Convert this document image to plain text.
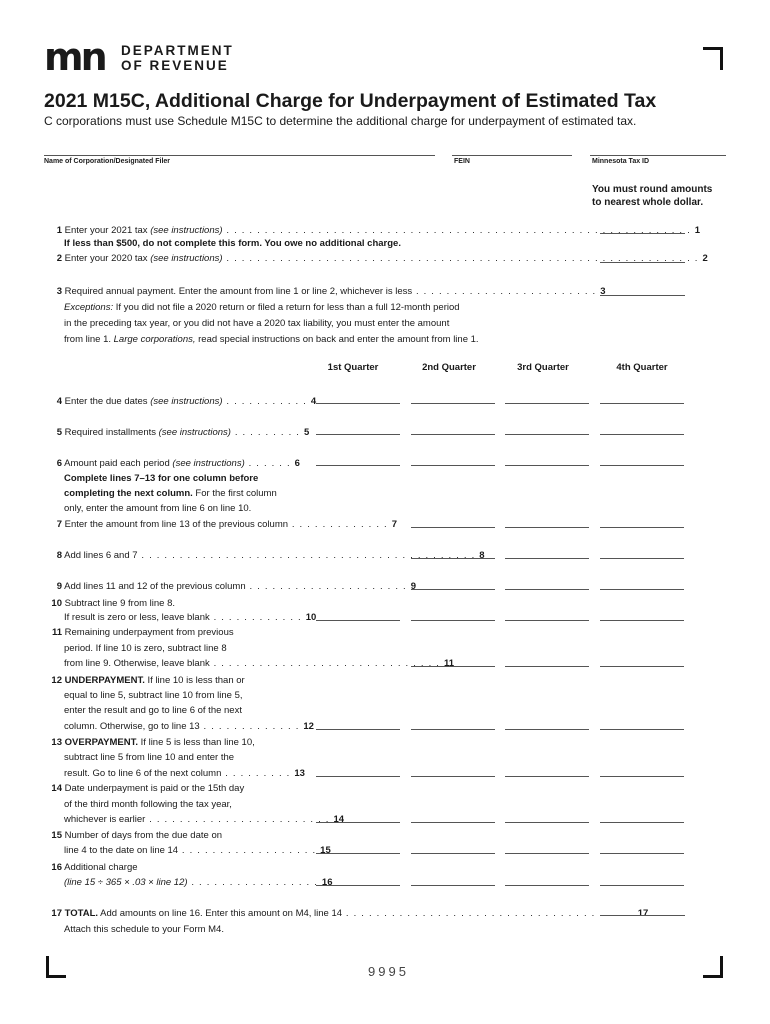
mn DEPARTMENT
OF REVENUE
2021 M15C, Additional Charge for Underpayment of Estimated Tax
C corporations must use Schedule M15C to determine the additional charge for underpayment of estimated tax.
Name of Corporation/Designated Filer	FEIN	Minnesota Tax ID
You must round amounts
to nearest whole dollar.
1 Enter your 2021 tax (see instructions) . . . . . . . . . . . . . . . . . . . . . . . . . . . . . . . . . . . . . . . . . . . . . . . . . . . . . . . . . . . . . 1
If less than $500, do not complete this form. You owe no additional charge.
2 Enter your 2020 tax (see instructions) . . . . . . . . . . . . . . . . . . . . . . . . . . . . . . . . . . . . . . . . . . . . . . . . . . . . . . . . . . . . . . 2
3 Required annual payment. Enter the amount from line 1 or line 2, whichever is less . . . . . . . . . . . . . . . . . . . . . . . . 3
Exceptions: If you did not file a 2020 return or filed a return for less than a full 12-month period
in the preceding tax year, or you did not have a 2020 tax liability, you must enter the amount
from line 1. Large corporations, read special instructions on back and enter the amount from line 1.
1st Quarter	2nd Quarter	3rd Quarter	4th Quarter
4 Enter the due dates (see instructions) . . . . . . . . . . . 4
5 Required installments (see instructions) . . . . . . . . . 5
6 Amount paid each period (see instructions) . . . . . . 6
Complete lines 7–13 for one column before
completing the next column. For the first column
only, enter the amount from line 6 on line 10.
7 Enter the amount from line 13 of the previous column . . . . . . . . . . . . . 7
8 Add lines 6 and 7 . . . . . . . . . . . . . . . . . . . . . . . . . . . . . . . . . . . . . . . . . . . . 8
9 Add lines 11 and 12 of the previous column . . . . . . . . . . . . . . . . . . . . . 9
10 Subtract line 9 from line 8.
If result is zero or less, leave blank . . . . . . . . . . . . 10
11 Remaining underpayment from previous
period. If line 10 is zero, subtract line 8
from line 9. Otherwise, leave blank . . . . . . . . . . . . . . . . . . . . . . . . . . . . . . 11
12 UNDERPAYMENT. If line 10 is less than or
equal to line 5, subtract line 10 from line 5,
enter the result and go to line 6 of the next
column. Otherwise, go to line 13 . . . . . . . . . . . . . 12
13 OVERPAYMENT. If line 5 is less than line 10,
subtract line 5 from line 10 and enter the
result. Go to line 6 of the next column . . . . . . . . . 13
14 Date underpayment is paid or the 15th day
of the third month following the tax year,
whichever is earlier . . . . . . . . . . . . . . . . . . . . . . . . 14
15 Number of days from the due date on
line 4 to the date on line 14 . . . . . . . . . . . . . . . . . . 15
16 Additional charge
(line 15 ÷ 365 × .03 × line 12) . . . . . . . . . . . . . . . . . 16
17 TOTAL. Add amounts on line 16. Enter this amount on M4, line 14 . . . . . . . . . . . . . . . . . . . . . . . . . . . . . . . . . . . . . . 17
Attach this schedule to your Form M4.
9995
